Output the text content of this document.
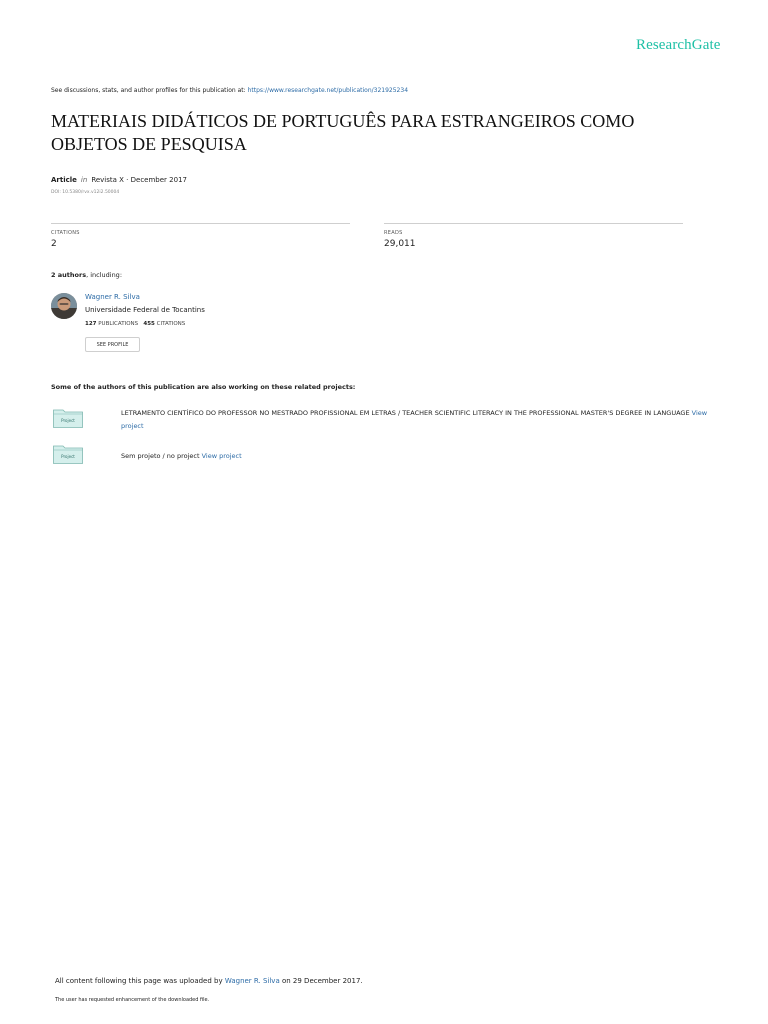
ResearchGate
See discussions, stats, and author profiles for this publication at: https://www.researchgate.net/publication/321925234
MATERIAIS DIDÁTICOS DE PORTUGUÊS PARA ESTRANGEIROS COMO OBJETOS DE PESQUISA
Article in Revista X · December 2017
DOI: 10.5380/rvx.v12i2.50004
CITATIONS
2
READS
29,011
2 authors, including:
Wagner R. Silva
Universidade Federal de Tocantins
127 PUBLICATIONS 455 CITATIONS
SEE PROFILE
Some of the authors of this publication are also working on these related projects:
Project
LETRAMENTO CIENTÍFICO DO PROFESSOR NO MESTRADO PROFISSIONAL EM LETRAS / TEACHER SCIENTIFIC LITERACY IN THE PROFESSIONAL MASTER'S DEGREE IN LANGUAGE View project
Project	Sem projeto / no project View project
All content following this page was uploaded by Wagner R. Silva on 29 December 2017.
The user has requested enhancement of the downloaded file.
